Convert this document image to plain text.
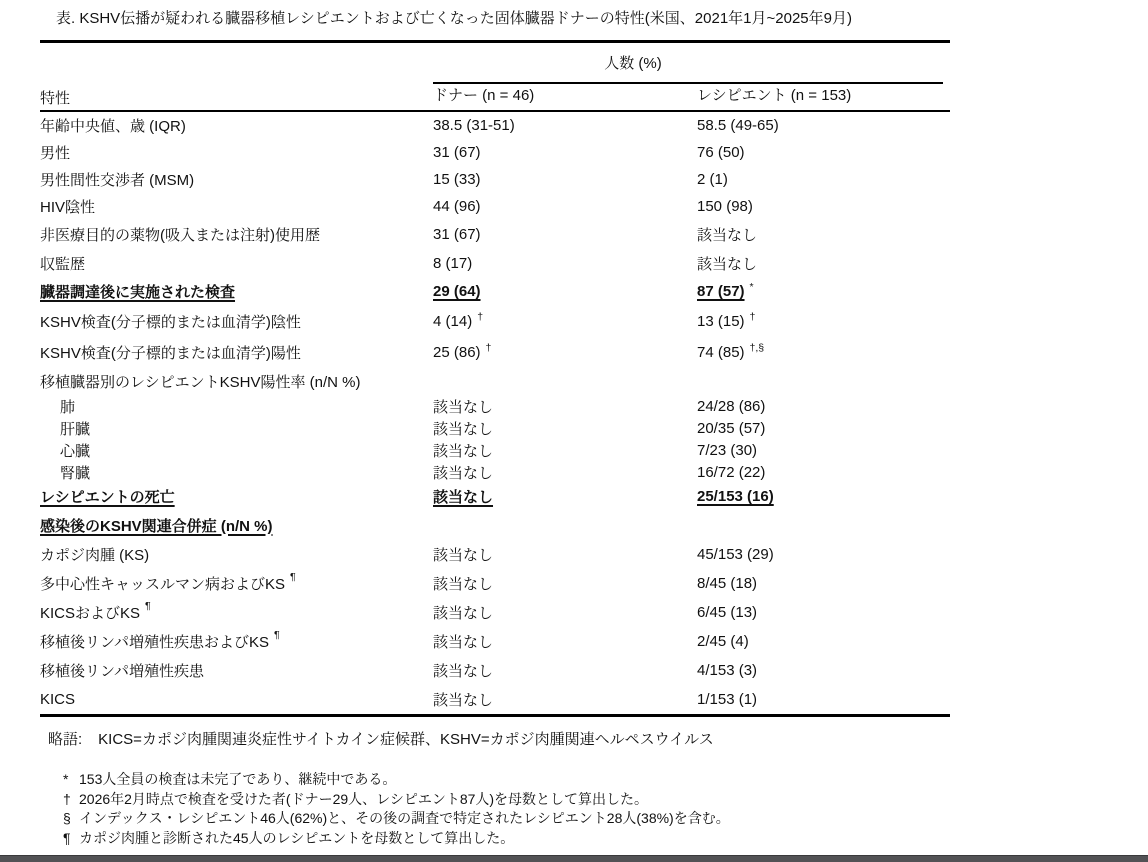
表. KSHV伝播が疑われる臓器移植レシピエントおよび亡くなった固体臓器ドナーの特性(米国、2021年1月~2025年9月)
人数 (%)
特性	ドナー (n = 46)	レシピエント (n = 153)
年齢中央値、歳 (IQR)	38.5 (31-51)	58.5 (49-65)
男性	31 (67)	76 (50)
男性間性交渉者 (MSM)	15 (33)	2 (1)
HIV陰性	44 (96)	150 (98)
非医療目的の薬物(吸入または注射)使用歴	31 (67)	該当なし
収監歴	8 (17)	該当なし
臓器調達後に実施された検査	29 (64)	87 (57) *
KSHV検査(分子標的または血清学)陰性	4 (14) †	13 (15) †
KSHV検査(分子標的または血清学)陽性	25 (86) †	74 (85) †,§
移植臓器別のレシピエントKSHV陽性率 (n/N %)
肺	該当なし	24/28 (86)
肝臓	該当なし	20/35 (57)
心臓	該当なし	7/23 (30)
腎臓	該当なし	16/72 (22)
レシピエントの死亡	該当なし	25/153 (16)
感染後のKSHV関連合併症 (n/N %)
カポジ肉腫 (KS)	該当なし	45/153 (29)
多中心性キャッスルマン病およびKS ¶	該当なし	8/45 (18)
KICSおよびKS ¶	該当なし	6/45 (13)
移植後リンパ増殖性疾患およびKS ¶	該当なし	2/45 (4)
移植後リンパ増殖性疾患	該当なし	4/153 (3)
KICS	該当なし	1/153 (1)
略語: KICS=カポジ肉腫関連炎症性サイトカイン症候群、KSHV=カポジ肉腫関連ヘルペスウイルス
* 153人全員の検査は未完了であり、継続中である。
† 2026年2月時点で検査を受けた者(ドナー29人、レシピエント87人)を母数として算出した。
§ インデックス・レシピエント46人(62%)と、その後の調査で特定されたレシピエント28人(38%)を含む。
¶ カポジ肉腫と診断された45人のレシピエントを母数として算出した。
